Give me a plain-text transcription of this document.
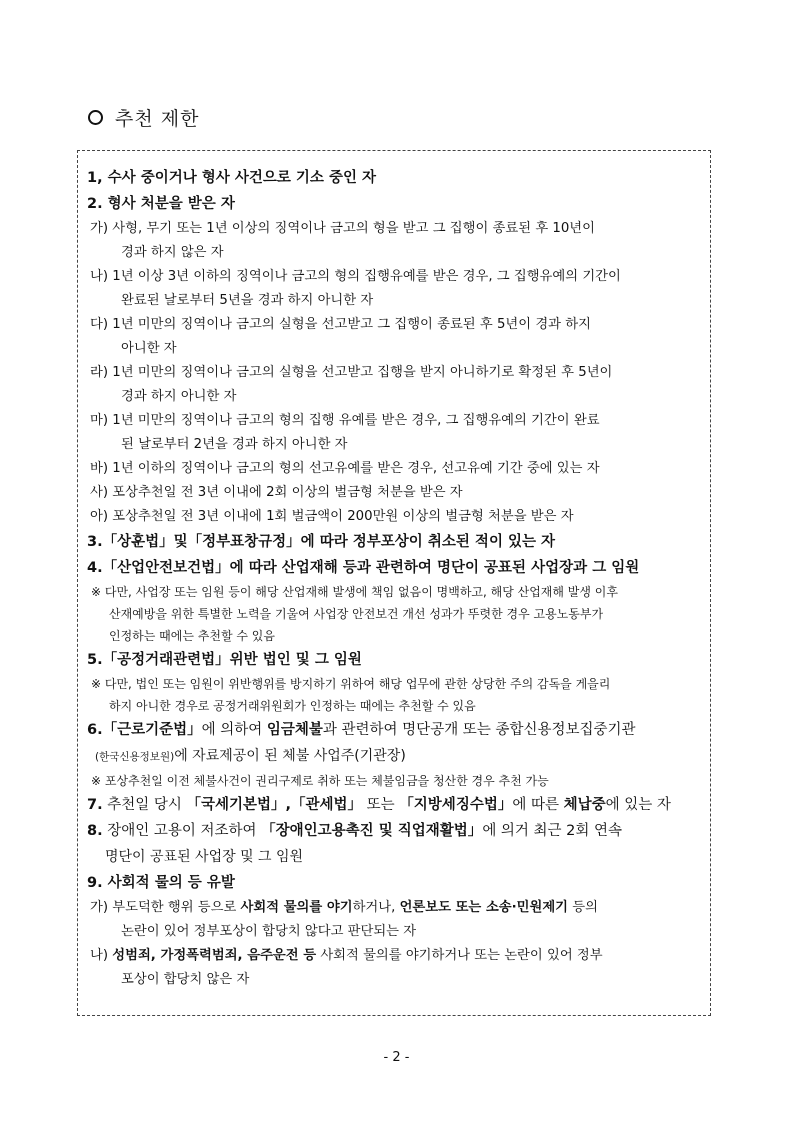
추천 제한
1, 수사 중이거나 형사 사건으로 기소 중인 자
2. 형사 처분을 받은 자
가) 사형, 무기 또는 1년 이상의 징역이나 금고의 형을 받고 그 집행이 종료된 후 10년이
경과 하지 않은 자
나) 1년 이상 3년 이하의 징역이나 금고의 형의 집행유예를 받은 경우, 그 집행유예의 기간이
완료된 날로부터 5년을 경과 하지 아니한 자
다) 1년 미만의 징역이나 금고의 실형을 선고받고 그 집행이 종료된 후 5년이 경과 하지
아니한 자
라) 1년 미만의 징역이나 금고의 실형을 선고받고 집행을 받지 아니하기로 확정된 후 5년이
경과 하지 아니한 자
마) 1년 미만의 징역이나 금고의 형의 집행 유예를 받은 경우, 그 집행유예의 기간이 완료
된 날로부터 2년을 경과 하지 아니한 자
바) 1년 이하의 징역이나 금고의 형의 선고유예를 받은 경우, 선고유예 기간 중에 있는 자
사) 포상추천일 전 3년 이내에 2회 이상의 벌금형 처분을 받은 자
아) 포상추천일 전 3년 이내에 1회 벌금액이 200만원 이상의 벌금형 처분을 받은 자
3.「상훈법」및「정부표창규정」에 따라 정부포상이 취소된 적이 있는 자
4.「산업안전보건법」에 따라 산업재해 등과 관련하여 명단이 공표된 사업장과 그 임원
※ 다만, 사업장 또는 임원 등이 해당 산업재해 발생에 책임 없음이 명백하고, 해당 산업재해 발생 이후
산재예방을 위한 특별한 노력을 기울여 사업장 안전보건 개선 성과가 뚜렷한 경우 고용노동부가
인정하는 때에는 추천할 수 있음
5.「공정거래관련법」위반 법인 및 그 임원
※ 다만, 법인 또는 임원이 위반행위를 방지하기 위하여 해당 업무에 관한 상당한 주의 감독을 게을리
하지 아니한 경우로 공정거래위원회가 인정하는 때에는 추천할 수 있음
6.「근로기준법」에 의하여 임금체불과 관련하여 명단공개 또는 종합신용정보집중기관
(한국신용정보원)에 자료제공이 된 체불 사업주(기관장)
※ 포상추천일 이전 체불사건이 권리구제로 취하 또는 체불임금을 청산한 경우 추천 가능
7. 추천일 당시 「국세기본법」,「관세법」 또는 「지방세징수법」에 따른 체납중에 있는 자
8. 장애인 고용이 저조하여 「장애인고용촉진 및 직업재활법」에 의거 최근 2회 연속
명단이 공표된 사업장 및 그 임원
9. 사회적 물의 등 유발
가) 부도덕한 행위 등으로 사회적 물의를 야기하거나, 언론보도 또는 소송·민원제기 등의
논란이 있어 정부포상이 합당치 않다고 판단되는 자
나) 성범죄, 가정폭력범죄, 음주운전 등 사회적 물의를 야기하거나 또는 논란이 있어 정부
포상이 합당치 않은 자
- 2 -
